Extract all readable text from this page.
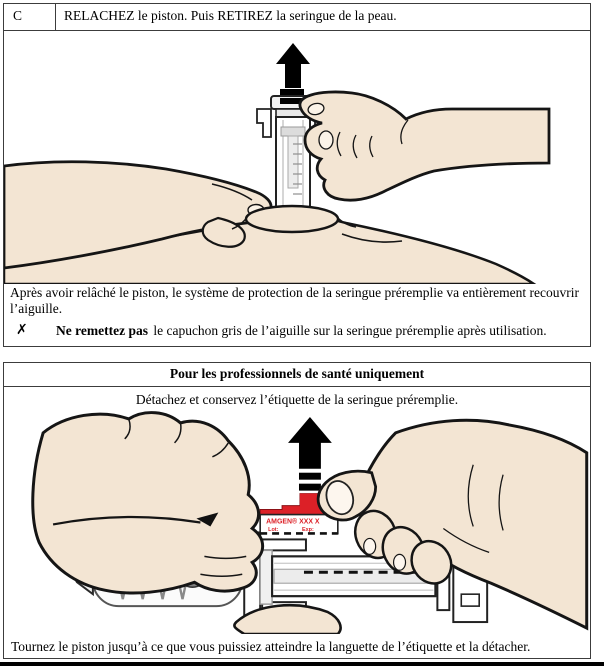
C	RELACHEZ le piston. Puis RETIREZ la seringue de la peau.

Après avoir relâché le piston, le système de protection de la seringue préremplie va entièrement recouvrir l’aiguille.

✗	Ne remettez pas le capuchon gris de l’aiguille sur la seringue préremplie après utilisation.

Pour les professionnels de santé uniquement
Détachez et conservez l’étiquette de la seringue préremplie.
AMGEN® XXX X
Lot:	Exp:
Tournez le piston jusqu’à ce que vous puissiez atteindre la languette de l’étiquette et la détacher.
